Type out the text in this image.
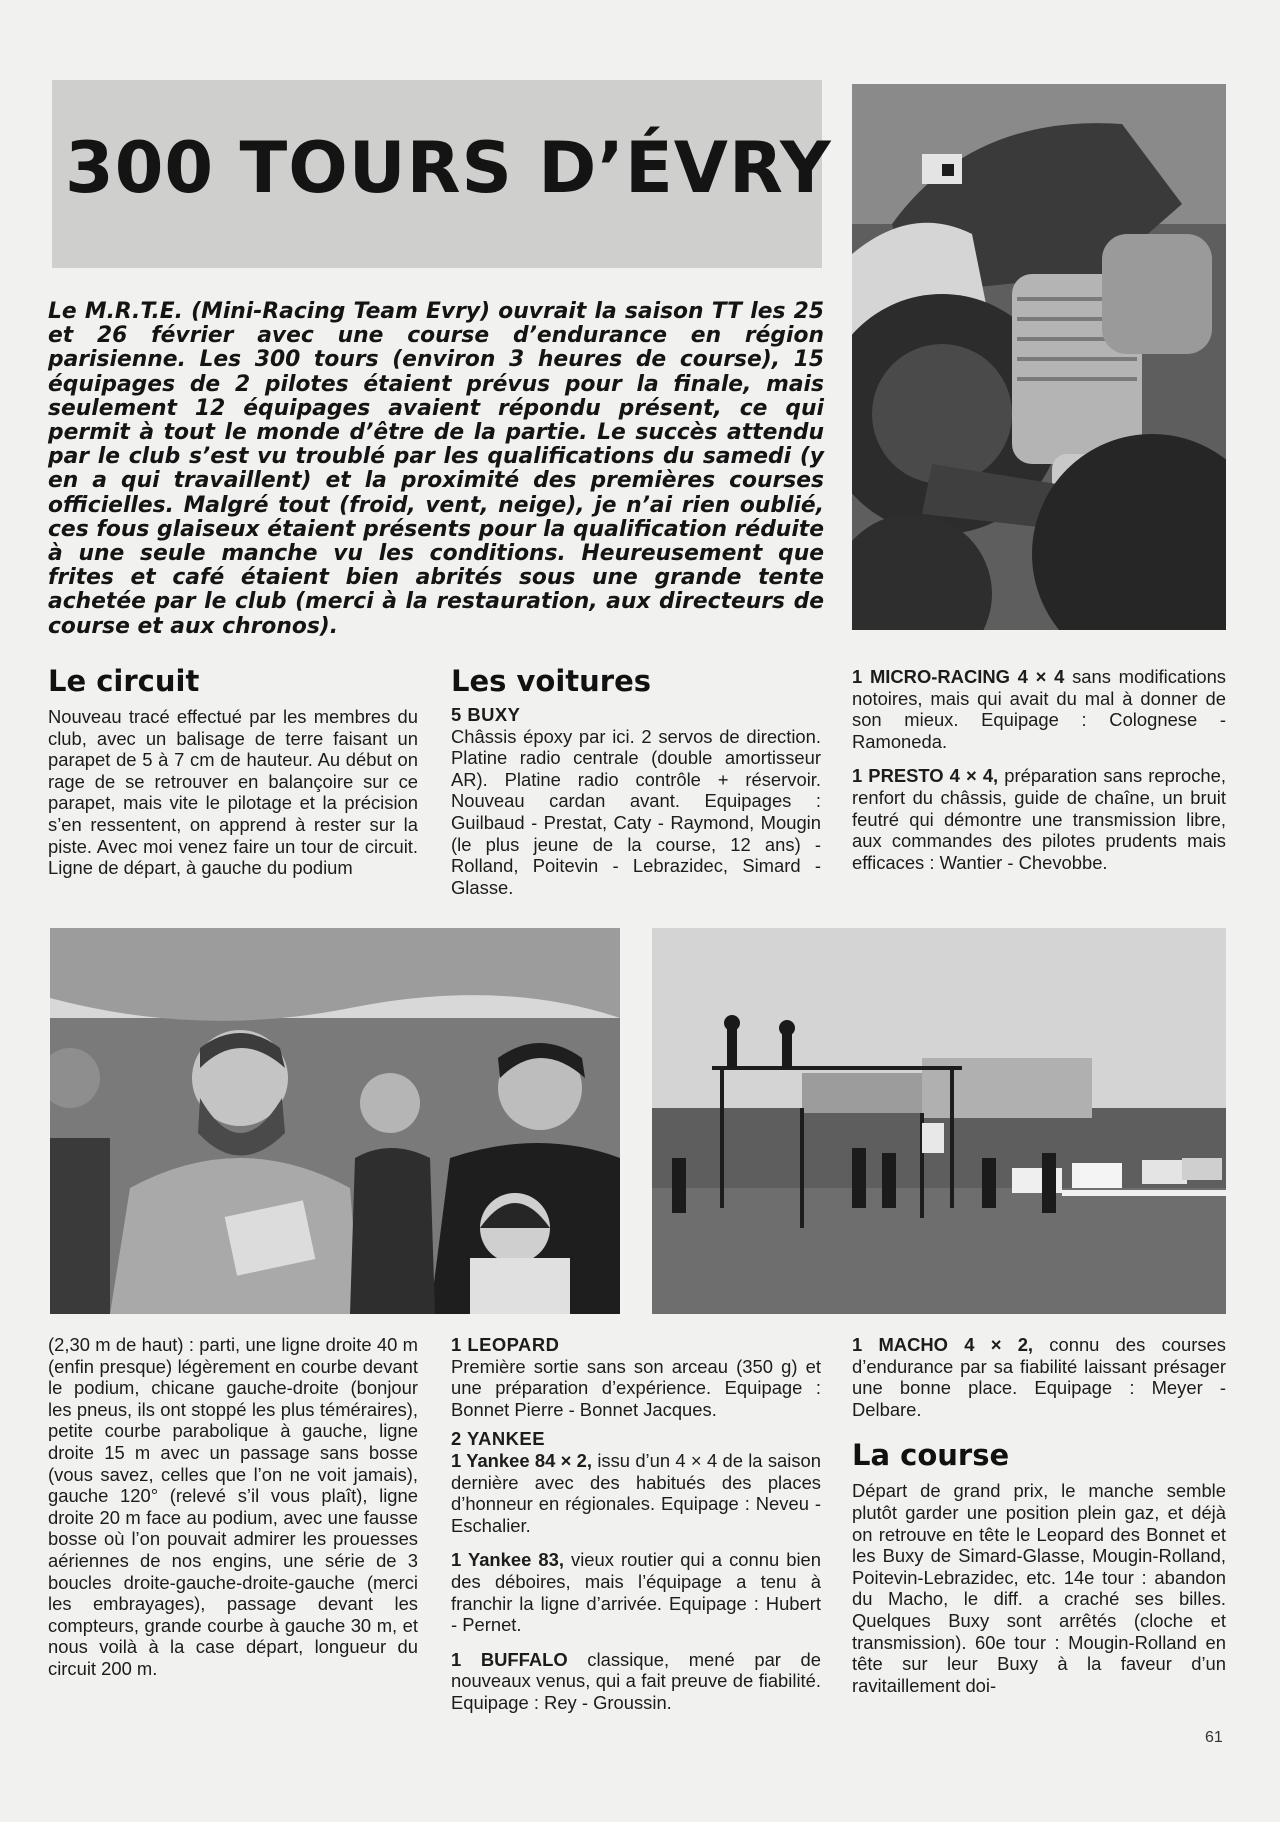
300 TOURS D’ÉVRY
Le M.R.T.E. (Mini-Racing Team Evry) ouvrait la saison TT les 25 et 26 février avec une course d’endurance en région parisienne. Les 300 tours (environ 3 heures de course), 15 équipages de 2 pilotes étaient prévus pour la finale, mais seulement 12 équipages avaient répondu présent, ce qui permit à tout le monde d’être de la partie. Le succès attendu par le club s’est vu troublé par les qualifications du samedi (y en a qui travaillent) et la proximité des premières courses officielles. Malgré tout (froid, vent, neige), je n’ai rien oublié, ces fous glaiseux étaient présents pour la qualification réduite à une seule manche vu les conditions. Heureusement que frites et café étaient bien abrités sous une grande tente achetée par le club (merci à la restauration, aux directeurs de course et aux chronos).
Le circuit

Nouveau tracé effectué par les membres du club, avec un balisage de terre faisant un parapet de 5 à 7 cm de hauteur. Au début on rage de se retrouver en balançoire sur ce parapet, mais vite le pilotage et la précision s’en ressentent, on apprend à rester sur la piste. Avec moi venez faire un tour de circuit. Ligne de départ, à gauche du podium

Les voitures
5 BUXY

Châssis époxy par ici. 2 servos de direction. Platine radio centrale (double amortisseur AR). Platine radio contrôle + réservoir. Nouveau cardan avant. Equipages : Guilbaud - Prestat, Caty - Raymond, Mougin (le plus jeune de la course, 12 ans) - Rolland, Poitevin - Lebrazidec, Simard - Glasse.

1 MICRO-RACING 4 × 4 sans modifications notoires, mais qui avait du mal à donner de son mieux. Equipage : Colognese - Ramoneda.

1 PRESTO 4 × 4, préparation sans reproche, renfort du châssis, guide de chaîne, un bruit feutré qui démontre une transmission libre, aux commandes des pilotes prudents mais efficaces : Wantier - Chevobbe.

(2,30 m de haut) : parti, une ligne droite 40 m (enfin presque) légèrement en courbe devant le podium, chicane gauche-droite (bonjour les pneus, ils ont stoppé les plus téméraires), petite courbe parabolique à gauche, ligne droite 15 m avec un passage sans bosse (vous savez, celles que l’on ne voit jamais), gauche 120° (relevé s’il vous plaît), ligne droite 20 m face au podium, avec une fausse bosse où l’on pouvait admirer les prouesses aériennes de nos engins, une série de 3 boucles droite-gauche-droite-gauche (merci les embrayages), passage devant les compteurs, grande courbe à gauche 30 m, et nous voilà à la case départ, longueur du circuit 200 m.

1 LEOPARD

Première sortie sans son arceau (350 g) et une préparation d’expérience. Equipage : Bonnet Pierre - Bonnet Jacques.

2 YANKEE

1 Yankee 84 × 2, issu d’un 4 × 4 de la saison dernière avec des habitués des places d’honneur en régionales. Equipage : Neveu - Eschalier.

1 Yankee 83, vieux routier qui a connu bien des déboires, mais l’équipage a tenu à franchir la ligne d’arrivée. Equipage : Hubert - Pernet.

1 BUFFALO classique, mené par de nouveaux venus, qui a fait preuve de fiabilité. Equipage : Rey - Groussin.

1 MACHO 4 × 2, connu des courses d’endurance par sa fiabilité laissant présager une bonne place. Equipage : Meyer - Delbare.

La course

Départ de grand prix, le manche semble plutôt garder une position plein gaz, et déjà on retrouve en tête le Leopard des Bonnet et les Buxy de Simard-Glasse, Mougin-Rolland, Poitevin-Lebrazidec, etc. 14e tour : abandon du Macho, le diff. a craché ses billes. Quelques Buxy sont arrêtés (cloche et transmission). 60e tour : Mougin-Rolland en tête sur leur Buxy à la faveur d’un ravitaillement doi-

61
